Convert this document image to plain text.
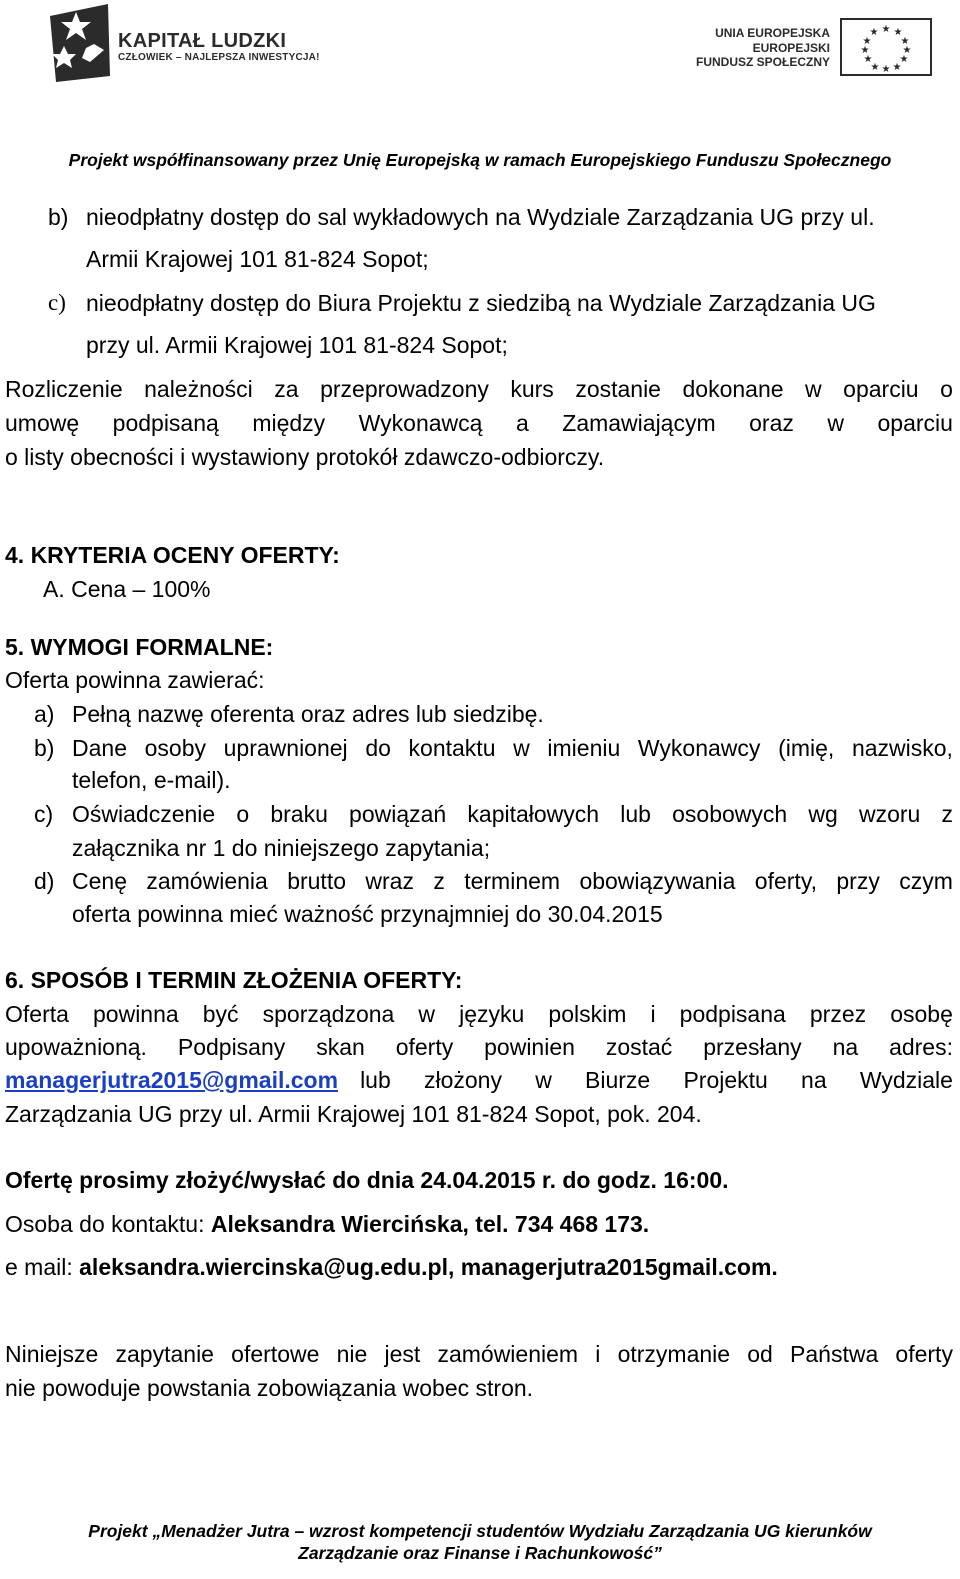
KAPITAŁ LUDZKI
CZŁOWIEK – NAJLEPSZA INWESTYCJA!
UNIA EUROPEJSKA
EUROPEJSKI
FUNDUSZ SPOŁECZNY
★ ★
★
★
★
★
★
★
★
★
★
★
Projekt współfinansowany przez Unię Europejską w ramach Europejskiego Funduszu Społecznego
b) nieodpłatny dostęp do sal wykładowych na Wydziale Zarządzania UG przy ul.
Armii Krajowej 101 81-824 Sopot;
c) nieodpłatny dostęp do Biura Projektu z siedzibą na Wydziale Zarządzania UG
przy ul. Armii Krajowej 101 81-824 Sopot;
Rozliczenie należności za przeprowadzony kurs zostanie dokonane w oparciu o
umowę podpisaną między Wykonawcą a Zamawiającym oraz w oparciu
o listy obecności i wystawiony protokół zdawczo-odbiorczy.
4. KRYTERIA OCENY OFERTY:
A. Cena – 100%
5. WYMOGI FORMALNE:
Oferta powinna zawierać:
a) Pełną nazwę oferenta oraz adres lub siedzibę.
b) Dane osoby uprawnionej do kontaktu w imieniu Wykonawcy (imię, nazwisko,
telefon, e-mail).
c) Oświadczenie o braku powiązań kapitałowych lub osobowych wg wzoru z
załącznika nr 1 do niniejszego zapytania;
d) Cenę zamówienia brutto wraz z terminem obowiązywania oferty, przy czym
oferta powinna mieć ważność przynajmniej do 30.04.2015
6. SPOSÓB I TERMIN ZŁOŻENIA OFERTY:
Oferta powinna być sporządzona w języku polskim i podpisana przez osobę
upoważnioną. Podpisany skan oferty powinien zostać przesłany na adres:
managerjutra2015@gmail.com lub złożony w Biurze Projektu na Wydziale
Zarządzania UG przy ul. Armii Krajowej 101 81-824 Sopot, pok. 204.
Ofertę prosimy złożyć/wysłać do dnia 24.04.2015 r. do godz. 16:00.
Osoba do kontaktu: Aleksandra Wiercińska, tel. 734 468 173.
e mail: aleksandra.wiercinska@ug.edu.pl, managerjutra2015gmail.com.
Niniejsze zapytanie ofertowe nie jest zamówieniem i otrzymanie od Państwa oferty
nie powoduje powstania zobowiązania wobec stron.
Projekt „Menadżer Jutra – wzrost kompetencji studentów Wydziału Zarządzania UG kierunków
Zarządzanie oraz Finanse i Rachunkowość”
